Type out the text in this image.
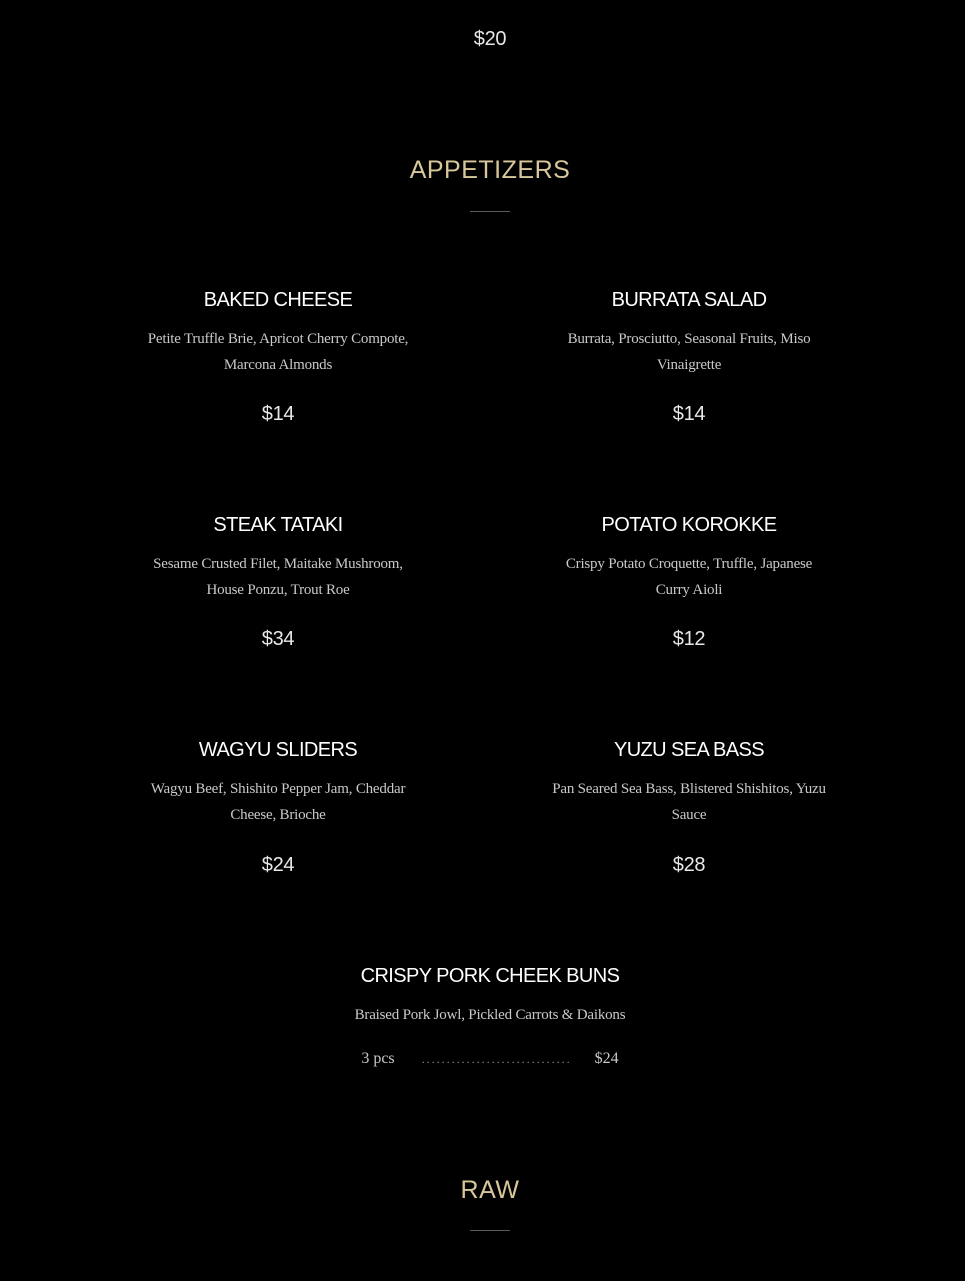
$20
APPETIZERS
BAKED CHEESE
Petite Truffle Brie, Apricot Cherry Compote,
Marcona Almonds
$14
BURRATA SALAD
Burrata, Prosciutto, Seasonal Fruits, Miso
Vinaigrette
$14
STEAK TATAKI
Sesame Crusted Filet, Maitake Mushroom,
House Ponzu, Trout Roe
$34
POTATO KOROKKE
Crispy Potato Croquette, Truffle, Japanese
Curry Aioli
$12
WAGYU SLIDERS
Wagyu Beef, Shishito Pepper Jam, Cheddar
Cheese, Brioche
$24
YUZU SEA BASS
Pan Seared Sea Bass, Blistered Shishitos, Yuzu
Sauce
$28
CRISPY PORK CHEEK BUNS
Braised Pork Jowl, Pickled Carrots & Daikons
3 pcs	..............................	$24
RAW
